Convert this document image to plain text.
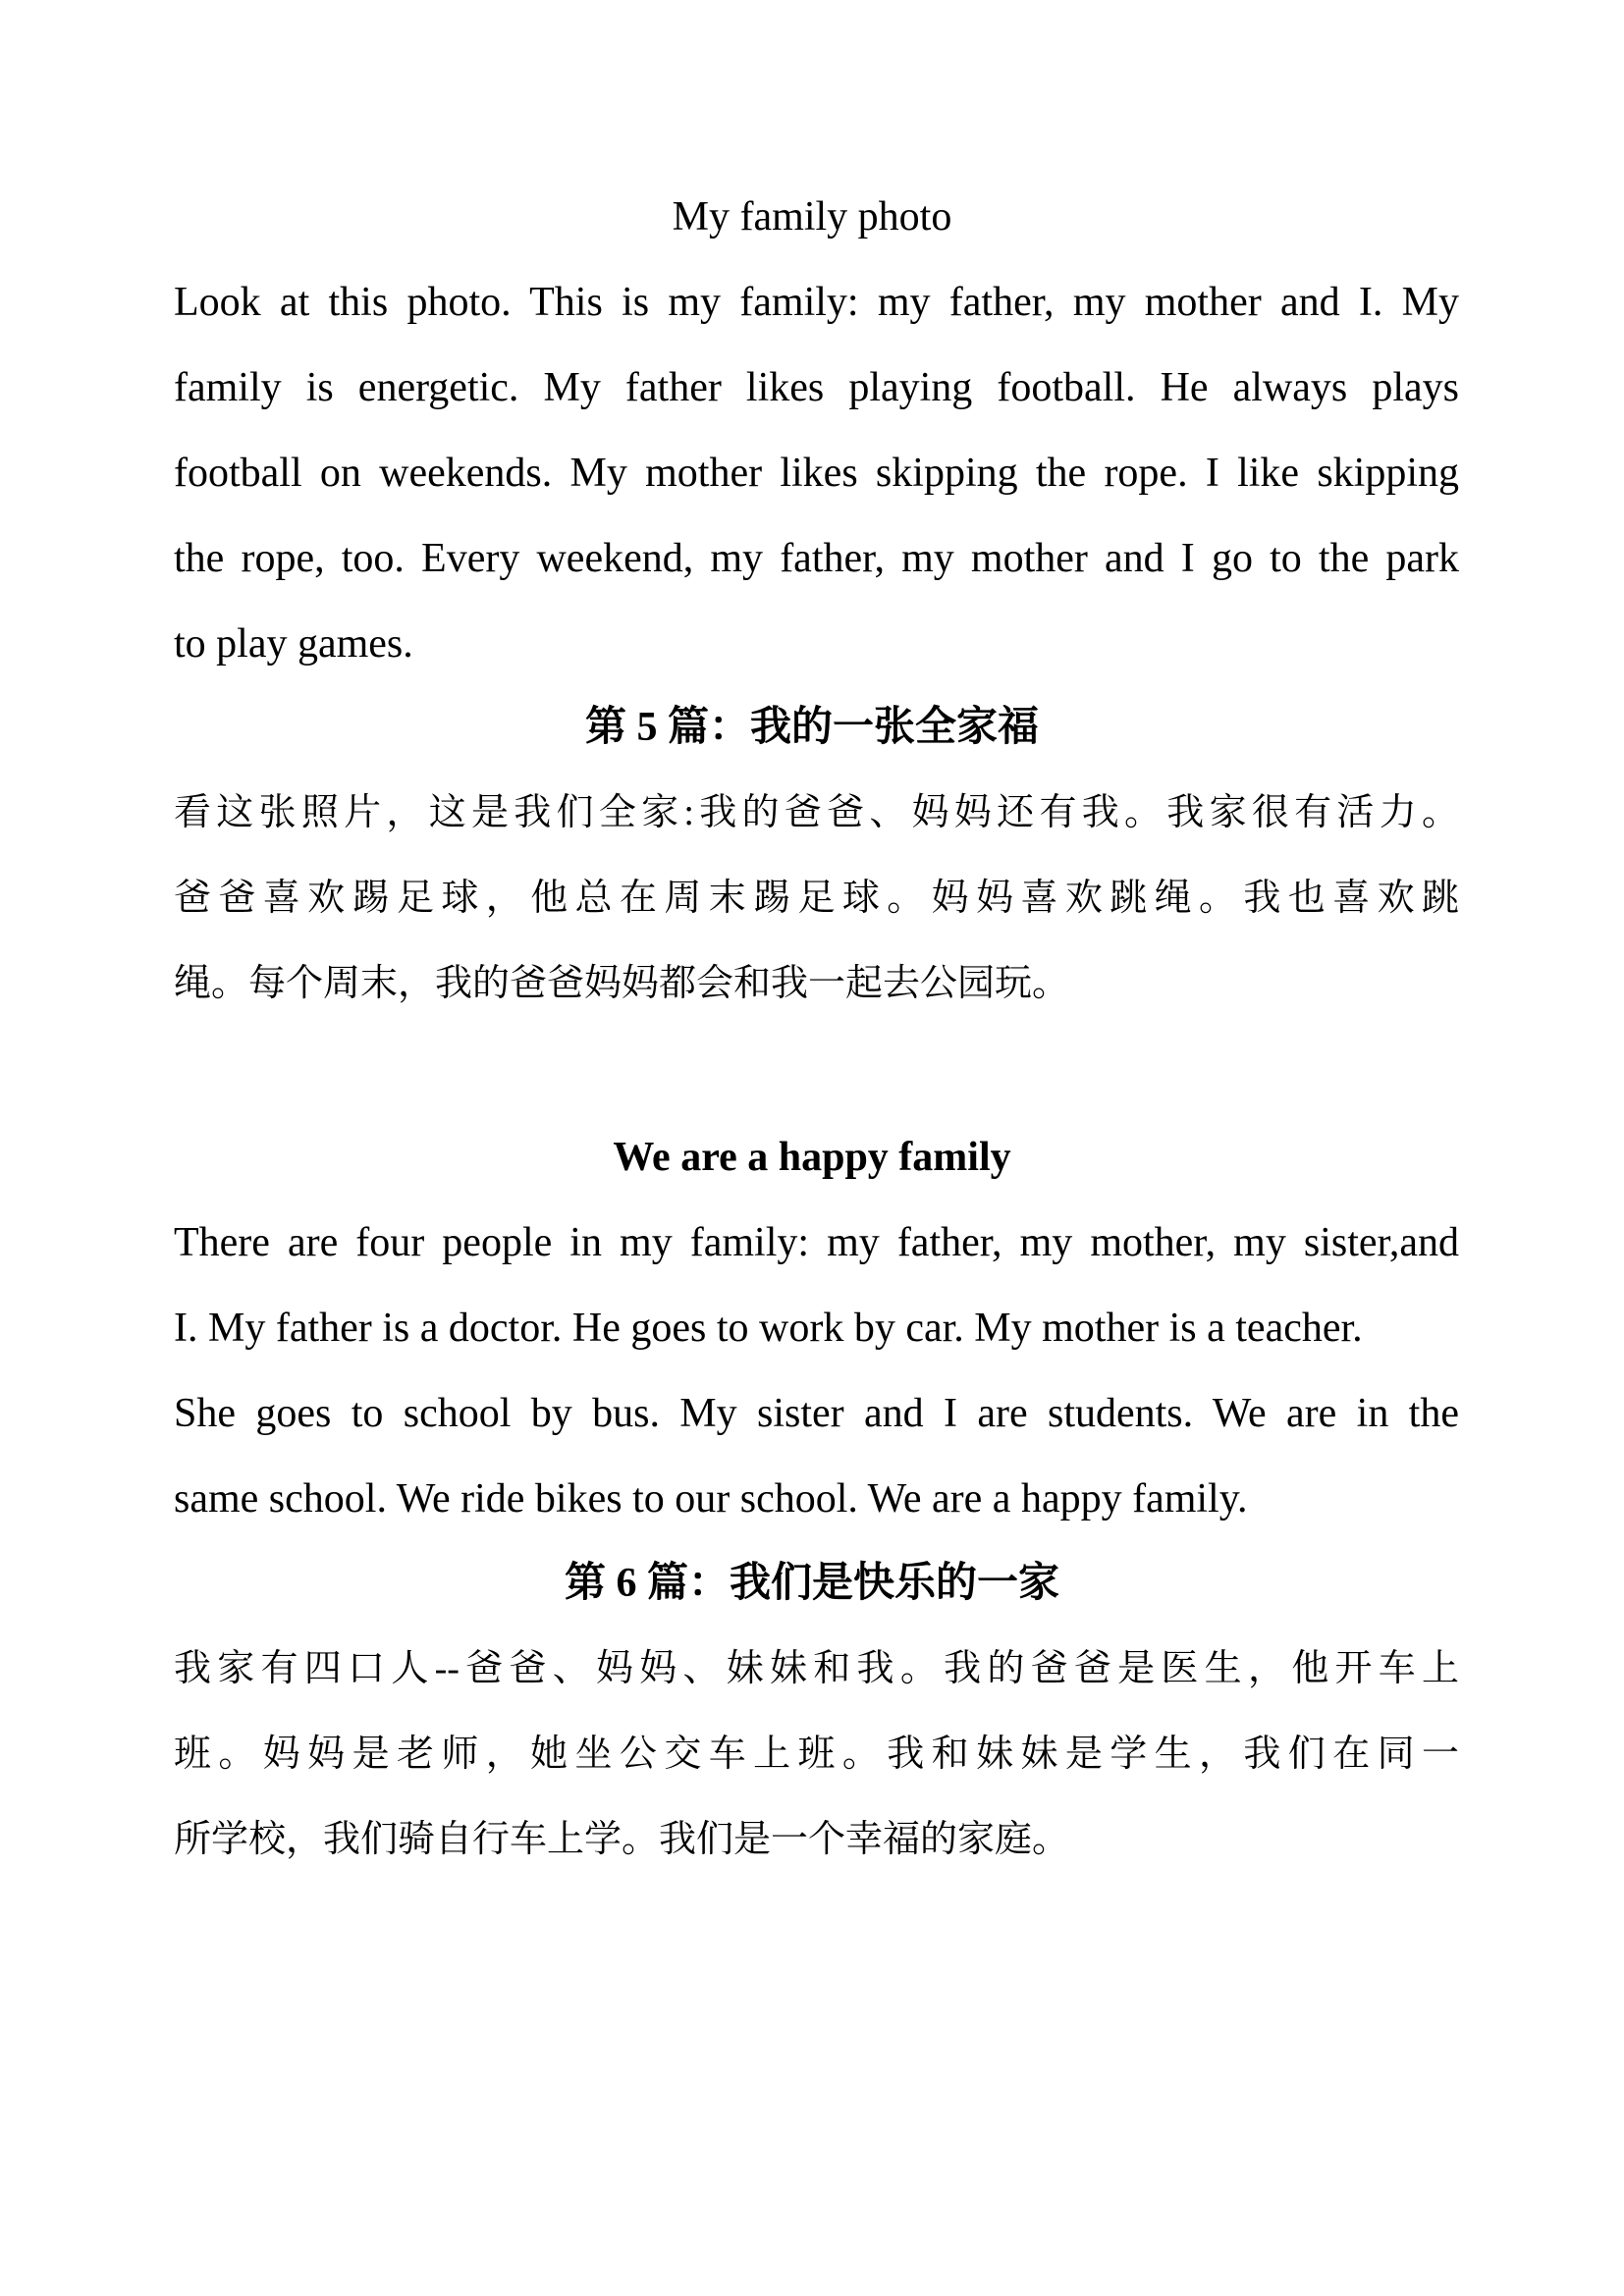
My family photo
Look at this photo. This is my family: my father, my mother and I. My
family is energetic. My father likes playing football. He always plays
football on weekends. My mother likes skipping the rope. I like skipping
the rope, too. Every weekend, my father, my mother and I go to the park
to play games.
第 5 篇：我的一张全家福
看这张照片，这是我们全家:我的爸爸、妈妈还有我。我家很有活力。
爸爸喜欢踢足球，他总在周末踢足球。妈妈喜欢跳绳。我也喜欢跳
绳。每个周末，我的爸爸妈妈都会和我一起去公园玩。
We are a happy family
There are four people in my family: my father, my mother, my sister,and
I. My father is a doctor. He goes to work by car. My mother is a teacher.
She goes to school by bus. My sister and I are students. We are in the
same school. We ride bikes to our school. We are a happy family.
第 6 篇：我们是快乐的一家
我家有四口人--爸爸、妈妈、妹妹和我。我的爸爸是医生，他开车上
班。妈妈是老师，她坐公交车上班。我和妹妹是学生，我们在同一
所学校，我们骑自行车上学。我们是一个幸福的家庭。
